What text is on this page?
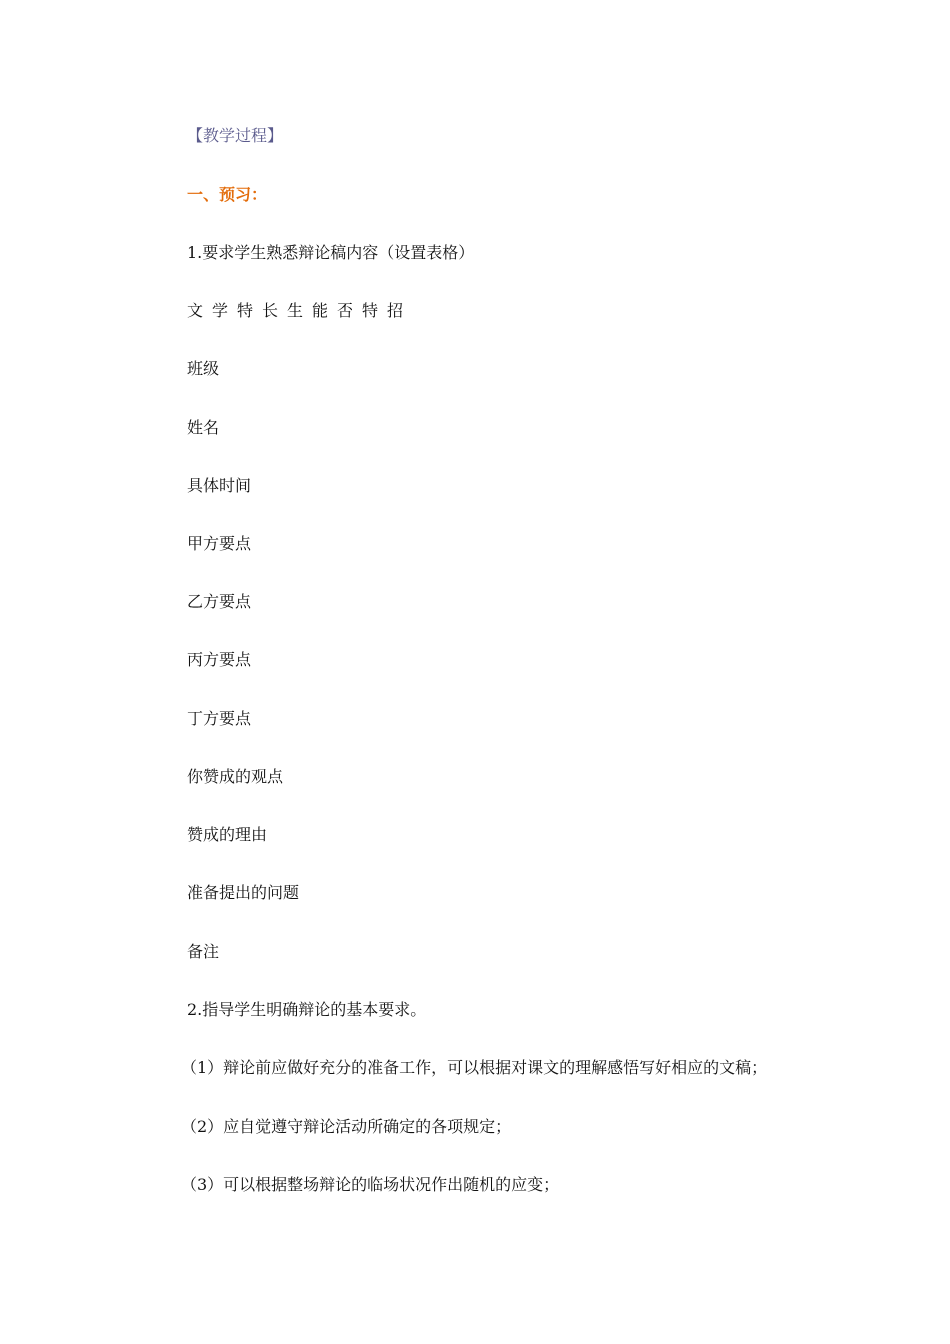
【教学过程】
一、预习：
1.要求学生熟悉辩论稿内容（设置表格）
文学特长生能否特招
班级
姓名
具体时间
甲方要点
乙方要点
丙方要点
丁方要点
你赞成的观点
赞成的理由
准备提出的问题
备注
2.指导学生明确辩论的基本要求。
（1）辩论前应做好充分的准备工作，可以根据对课文的理解感悟写好相应的文稿；
（2）应自觉遵守辩论活动所确定的各项规定；
（3）可以根据整场辩论的临场状况作出随机的应变；
